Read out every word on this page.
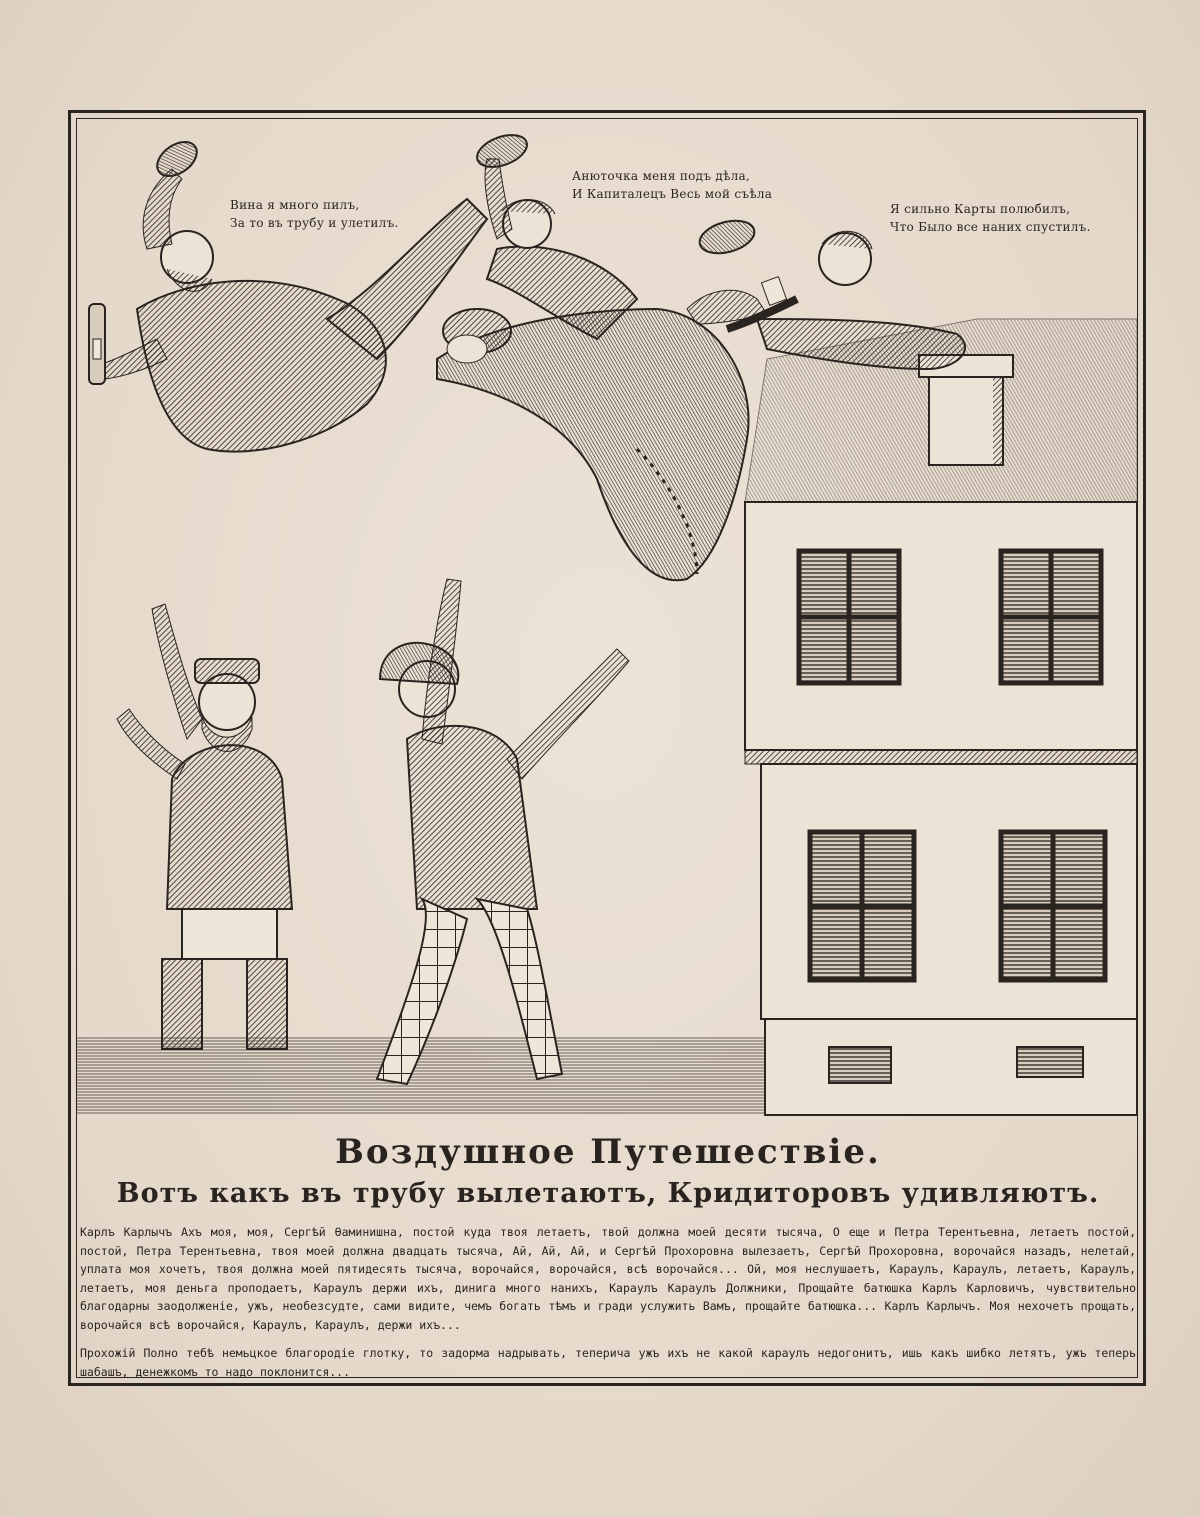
Вина я много пилъ,
За то въ трубу и улетилъ.
Анюточка меня подъ дѣла,
И Капиталецъ Весь мой съѣла
Я сильно Карты полюбилъ,
Что Было все наних спустилъ.
Воздушное Путешествіе.
Вотъ какъ въ трубу вылетаютъ, Кридиторовъ удивляютъ.
Карлъ Карлычъ Ахъ моя, моя, Сергѣй Ѳаминишна, постой куда твоя летаетъ, твой должна моей десяти тысяча, О еще и Петра Терентьевна, летаетъ постой, постой, Петра Терентьевна, твоя моей должна двадцать тысяча, Ай, Ай, Ай, и Сергѣй Прохоровна вылезаетъ, Сергѣй Прохоровна, ворочайся назадъ, нелетай, уплата моя хочетъ, твоя должна моей пятидесять тысяча, ворочайся, ворочайся, всѣ ворочайся... Ой, моя неслушаетъ, Караулъ, Караулъ, летаетъ, Караулъ, летаетъ, моя деньга проподаетъ, Караулъ держи ихъ, динига много нанихъ, Караулъ Караулъ Должники, Прощайте батюшка Карлъ Карловичъ, чувствительно благодарны заодолженіе, ужъ, необезсудте, сами видите, чемъ богать тѣмъ и гради услужить Вамъ, прощайте батюшка... Карлъ Карлычъ. Моя нехочетъ прощать, ворочайся всѣ ворочайся, Караулъ, Караулъ, держи ихъ...
Прохожій Полно тебѣ немьцкое благородіе глотку, то задорма надрывать, теперича ужъ ихъ не какой караулъ недогонитъ, ишь какъ шибко летятъ, ужъ теперь шабашъ, денежкомъ то надо поклонится...
